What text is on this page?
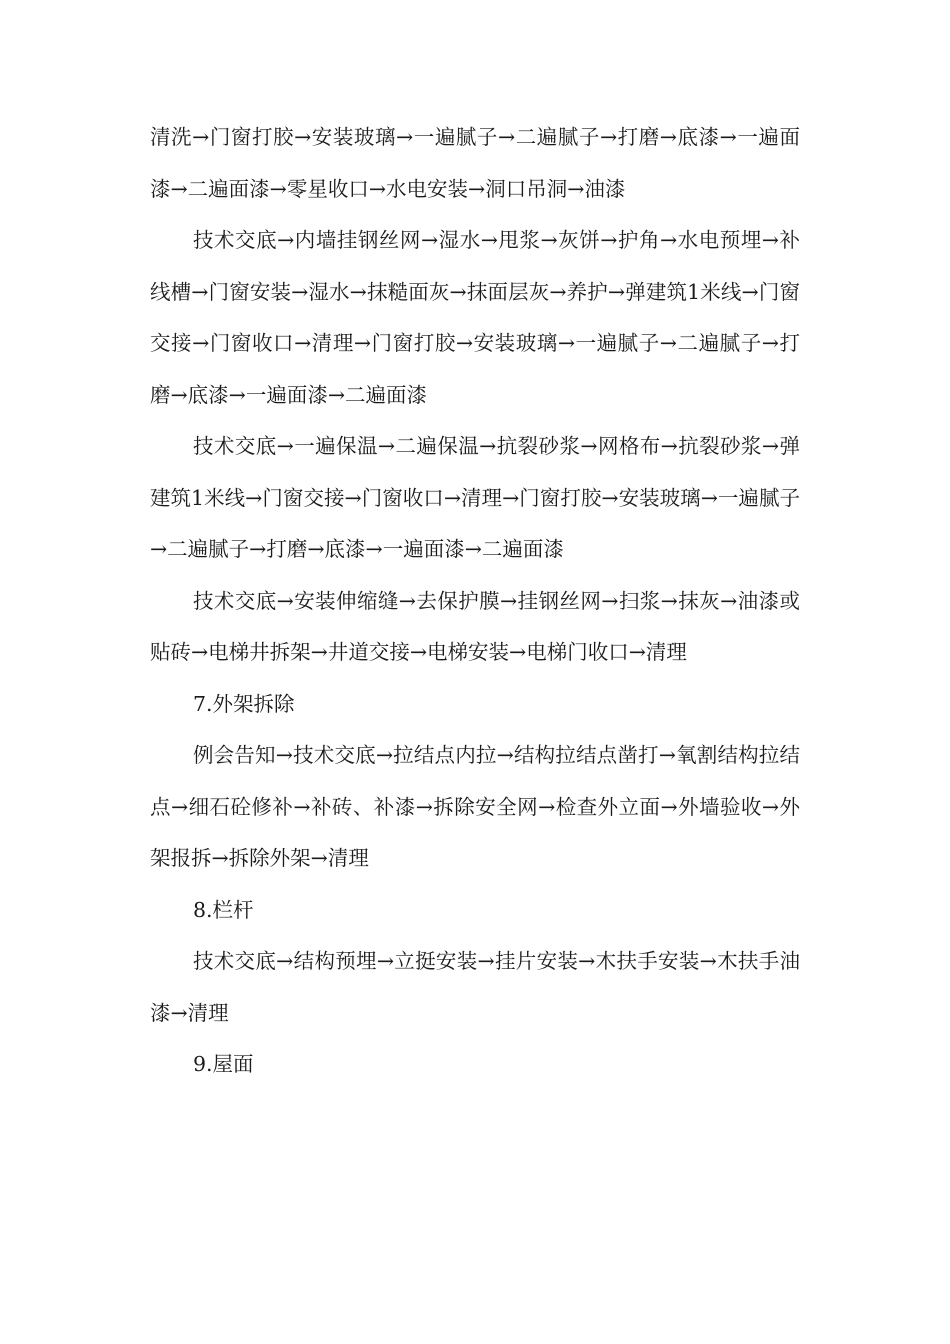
清洗→门窗打胶→安装玻璃→一遍腻子→二遍腻子→打磨→底漆→一遍面漆→二遍面漆→零星收口→水电安装→洞口吊洞→油漆

技术交底→内墙挂钢丝网→湿水→甩浆→灰饼→护角→水电预埋→补线槽→门窗安装→湿水→抹糙面灰→抹面层灰→养护→弹建筑1米线→门窗交接→门窗收口→清理→门窗打胶→安装玻璃→一遍腻子→二遍腻子→打磨→底漆→一遍面漆→二遍面漆

技术交底→一遍保温→二遍保温→抗裂砂浆→网格布→抗裂砂浆→弹建筑1米线→门窗交接→门窗收口→清理→门窗打胶→安装玻璃→一遍腻子→二遍腻子→打磨→底漆→一遍面漆→二遍面漆

技术交底→安装伸缩缝→去保护膜→挂钢丝网→扫浆→抹灰→油漆或贴砖→电梯井拆架→井道交接→电梯安装→电梯门收口→清理

7.外架拆除

例会告知→技术交底→拉结点内拉→结构拉结点凿打→氧割结构拉结点→细石砼修补→补砖、补漆→拆除安全网→检查外立面→外墙验收→外架报拆→拆除外架→清理

8.栏杆

技术交底→结构预埋→立挺安装→挂片安装→木扶手安装→木扶手油漆→清理

9.屋面
